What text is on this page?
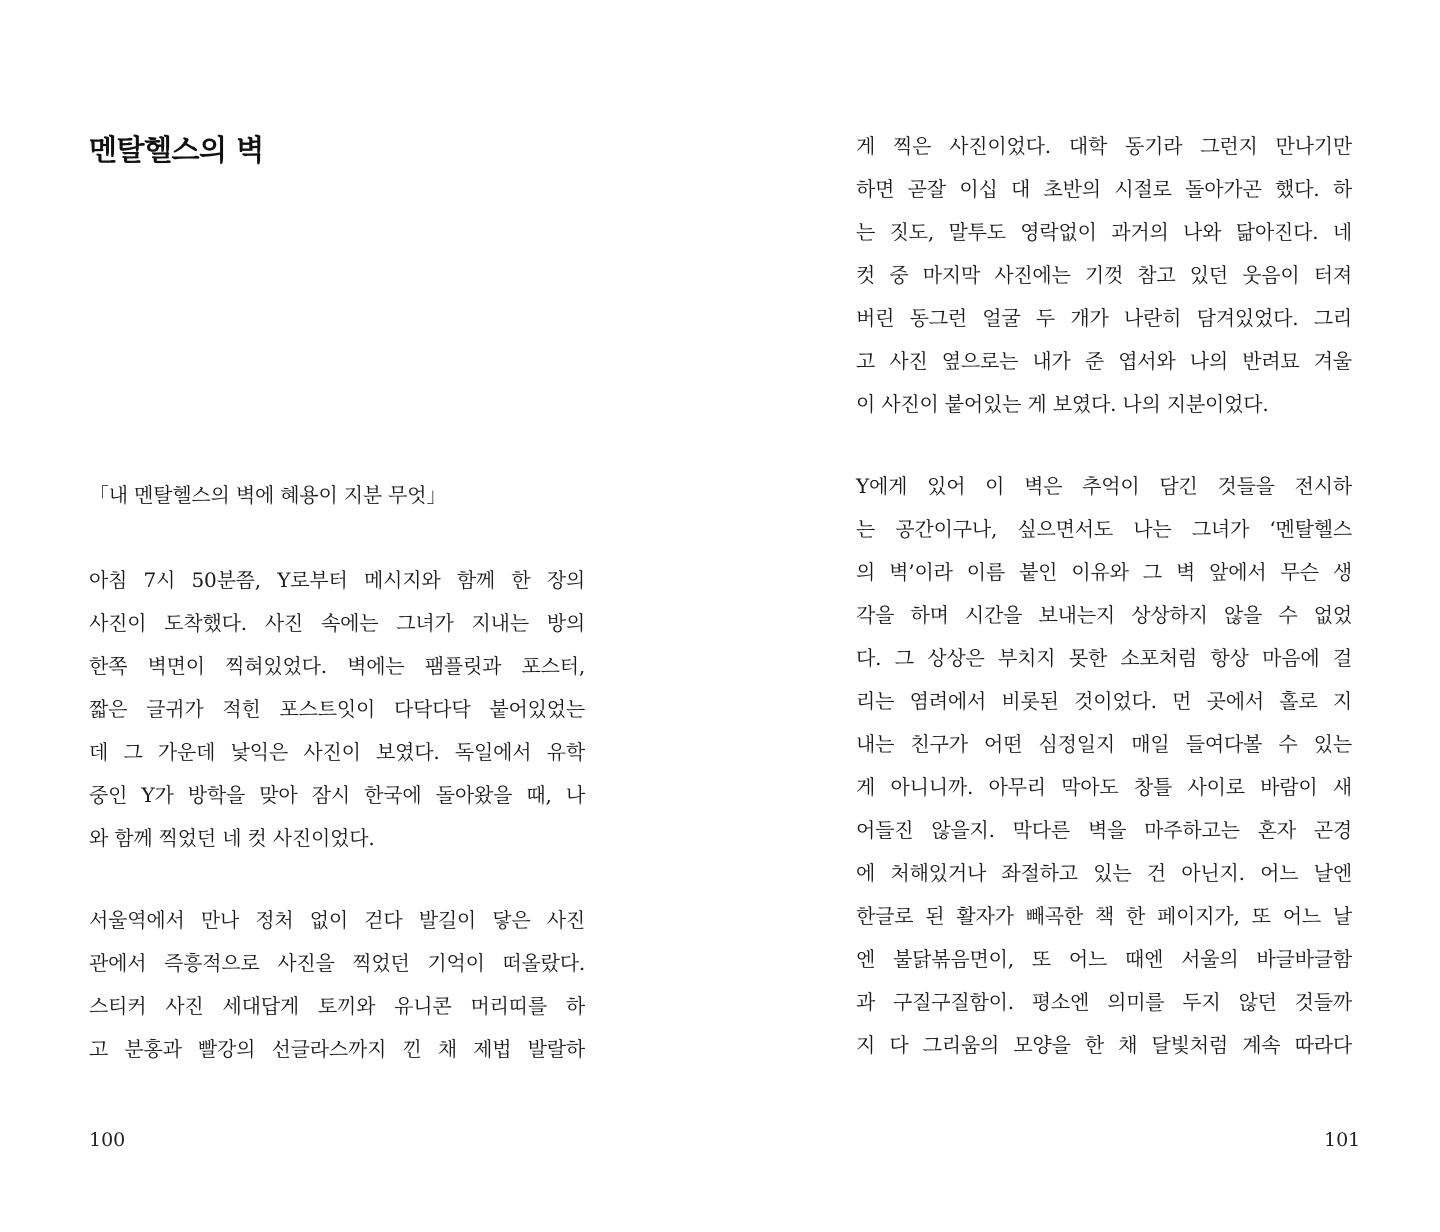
멘탈헬스의 벽
「내 멘탈헬스의 벽에 혜용이 지분 무엇」
아침 7시 50분쯤, Y로부터 메시지와 함께 한 장의
사진이 도착했다. 사진 속에는 그녀가 지내는 방의
한쪽 벽면이 찍혀있었다. 벽에는 팸플릿과 포스터,
짧은 글귀가 적힌 포스트잇이 다닥다닥 붙어있었는
데 그 가운데 낯익은 사진이 보였다. 독일에서 유학
중인 Y가 방학을 맞아 잠시 한국에 돌아왔을 때, 나
와 함께 찍었던 네 컷 사진이었다.
서울역에서 만나 정처 없이 걷다 발길이 닿은 사진
관에서 즉흥적으로 사진을 찍었던 기억이 떠올랐다.
스티커 사진 세대답게 토끼와 유니콘 머리띠를 하
고 분홍과 빨강의 선글라스까지 낀 채 제법 발랄하
100
게 찍은 사진이었다. 대학 동기라 그런지 만나기만
하면 곧잘 이십 대 초반의 시절로 돌아가곤 했다. 하
는 짓도, 말투도 영락없이 과거의 나와 닮아진다. 네
컷 중 마지막 사진에는 기껏 참고 있던 웃음이 터져
버린 동그런 얼굴 두 개가 나란히 담겨있었다. 그리
고 사진 옆으로는 내가 준 엽서와 나의 반려묘 겨울
이 사진이 붙어있는 게 보였다. 나의 지분이었다.
Y에게 있어 이 벽은 추억이 담긴 것들을 전시하
는 공간이구나, 싶으면서도 나는 그녀가 ‘멘탈헬스
의 벽’이라 이름 붙인 이유와 그 벽 앞에서 무슨 생
각을 하며 시간을 보내는지 상상하지 않을 수 없었
다. 그 상상은 부치지 못한 소포처럼 항상 마음에 걸
리는 염려에서 비롯된 것이었다. 먼 곳에서 홀로 지
내는 친구가 어떤 심정일지 매일 들여다볼 수 있는
게 아니니까. 아무리 막아도 창틀 사이로 바람이 새
어들진 않을지. 막다른 벽을 마주하고는 혼자 곤경
에 처해있거나 좌절하고 있는 건 아닌지. 어느 날엔
한글로 된 활자가 빼곡한 책 한 페이지가, 또 어느 날
엔 불닭볶음면이, 또 어느 때엔 서울의 바글바글함
과 구질구질함이. 평소엔 의미를 두지 않던 것들까
지 다 그리움의 모양을 한 채 달빛처럼 계속 따라다
101
